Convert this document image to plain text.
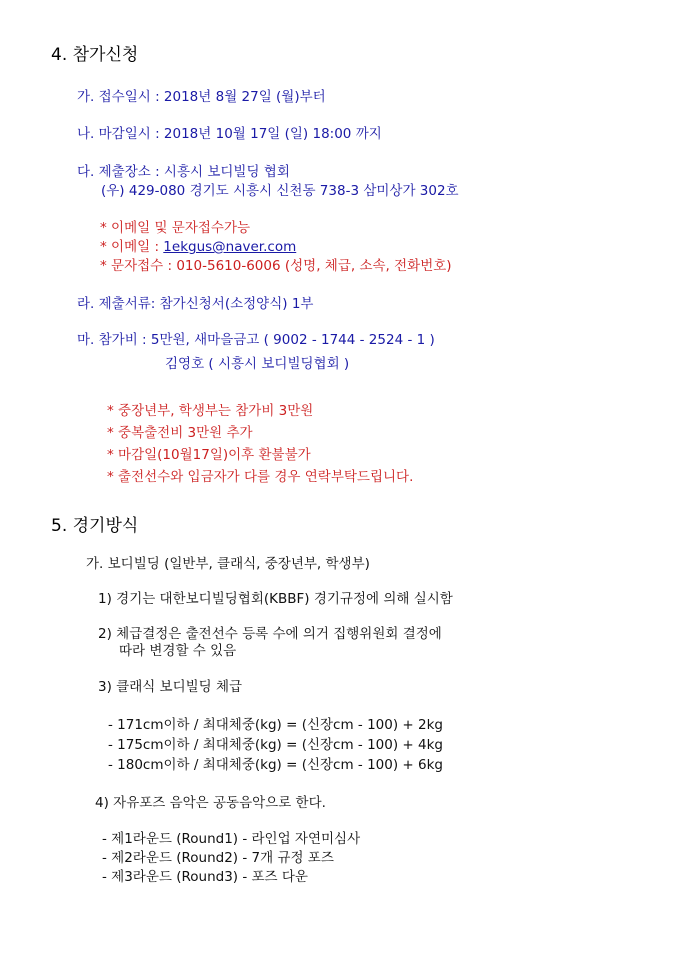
4. 참가신청
가. 접수일시 : 2018년 8월 27일 (월)부터
나. 마감일시 : 2018년 10월 17일 (일) 18:00 까지
다. 제출장소 : 시흥시 보디빌딩 협회
(우) 429-080 경기도 시흥시 신천동 738-3 삼미상가 302호
* 이메일 및 문자접수가능
* 이메일 : 1ekgus@naver.com
* 문자접수 : 010-5610-6006 (성명, 체급, 소속, 전화번호)
라. 제출서류: 참가신청서(소정양식) 1부
마. 참가비 : 5만원, 새마을금고 ( 9002 - 1744 - 2524 - 1 )
김영호 ( 시흥시 보디빌딩협회 )
* 중장년부, 학생부는 참가비 3만원
* 중복출전비 3만원 추가
* 마감일(10월17일)이후 환불불가
* 출전선수와 입금자가 다를 경우 연락부탁드립니다.
5. 경기방식
가. 보디빌딩 (일반부, 클래식, 중장년부, 학생부)
1) 경기는 대한보디빌딩협회(KBBF) 경기규정에 의해 실시함
2) 체급결정은 출전선수 등록 수에 의거 집행위원회 결정에
따라 변경할 수 있음
3) 클래식 보디빌딩 체급
- 171cm이하 / 최대체중(kg) = (신장cm - 100) + 2kg
- 175cm이하 / 최대체중(kg) = (신장cm - 100) + 4kg
- 180cm이하 / 최대체중(kg) = (신장cm - 100) + 6kg
4) 자유포즈 음악은 공동음악으로 한다.
- 제1라운드 (Round1) - 라인업 자연미심사
- 제2라운드 (Round2) - 7개 규정 포즈
- 제3라운드 (Round3) - 포즈 다운
